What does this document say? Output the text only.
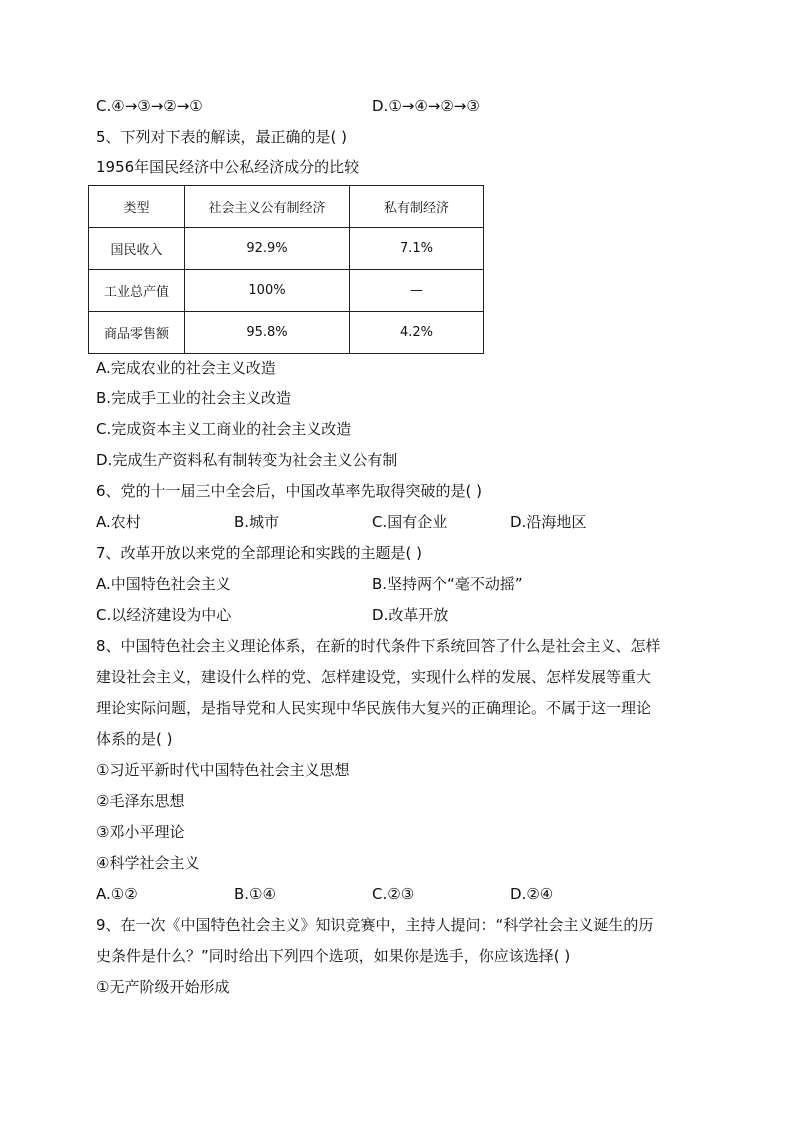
C.④→③→②→①	D.①→④→②→③
5、下列对下表的解读，最正确的是( )
1956年国民经济中公私经济成分的比较
类型	社会主义公有制经济	私有制经济
国民收入	92.9%	7.1%
工业总产值	100%	—
商品零售额	95.8%	4.2%
A.完成农业的社会主义改造
B.完成手工业的社会主义改造
C.完成资本主义工商业的社会主义改造
D.完成生产资料私有制转变为社会主义公有制
6、党的十一届三中全会后，中国改革率先取得突破的是( )
A.农村	B.城市	C.国有企业	D.沿海地区
7、改革开放以来党的全部理论和实践的主题是( )
A.中国特色社会主义	B.坚持两个“毫不动摇”
C.以经济建设为中心	D.改革开放
8、中国特色社会主义理论体系，在新的时代条件下系统回答了什么是社会主义、怎样
建设社会主义，建设什么样的党、怎样建设党，实现什么样的发展、怎样发展等重大
理论实际问题，是指导党和人民实现中华民族伟大复兴的正确理论。不属于这一理论
体系的是( )
①习近平新时代中国特色社会主义思想
②毛泽东思想
③邓小平理论
④科学社会主义
A.①②	B.①④	C.②③	D.②④
9、在一次《中国特色社会主义》知识竞赛中，主持人提问：“科学社会主义诞生的历
史条件是什么？”同时给出下列四个选项，如果你是选手，你应该选择( )
①无产阶级开始形成
